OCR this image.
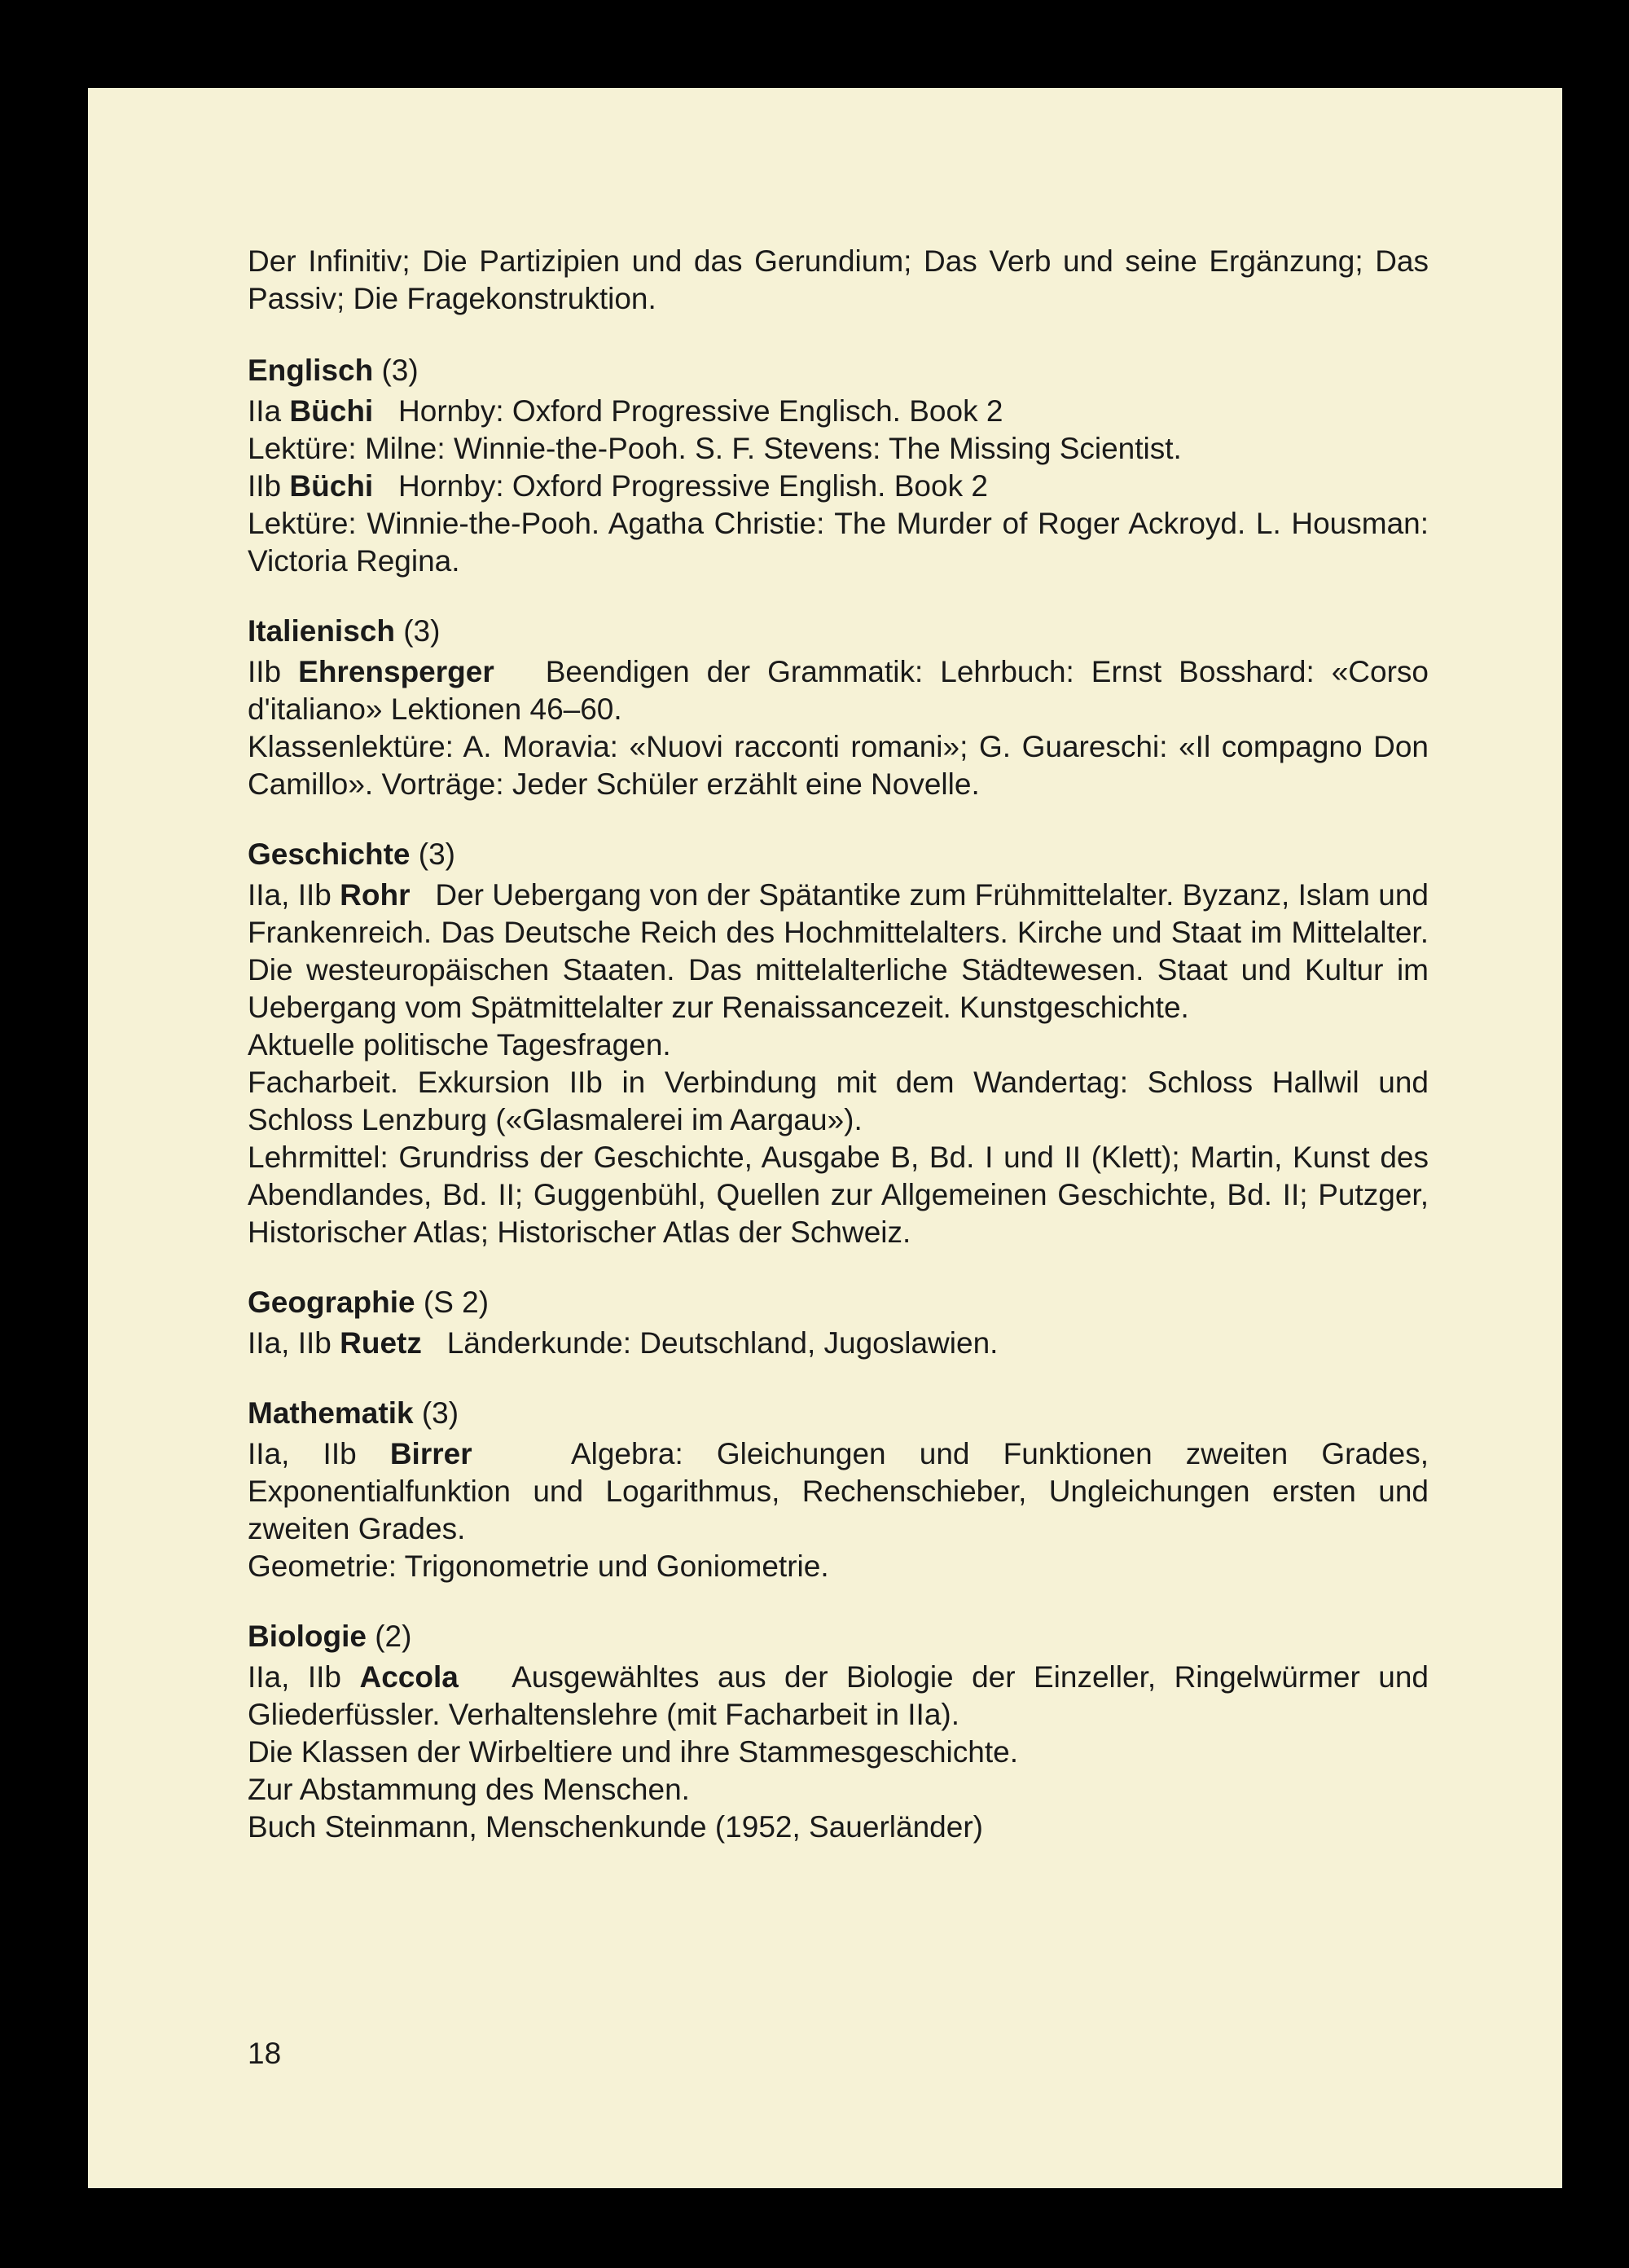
Der Infinitiv; Die Partizipien und das Gerundium; Das Verb und seine Ergänzung; Das Passiv; Die Fragekonstruktion.

Englisch (3)

IIa Büchi Hornby: Oxford Progressive Englisch. Book 2

Lektüre: Milne: Winnie-the-Pooh. S. F. Stevens: The Missing Scientist.

IIb Büchi Hornby: Oxford Progressive English. Book 2

Lektüre: Winnie-the-Pooh. Agatha Christie: The Murder of Roger Ackroyd. L. Housman: Victoria Regina.

Italienisch (3)

IIb Ehrensperger Beendigen der Grammatik: Lehrbuch: Ernst Bosshard: «Corso d'italiano» Lektionen 46–60.

Klassenlektüre: A. Moravia: «Nuovi racconti romani»; G. Guareschi: «Il compagno Don Camillo». Vorträge: Jeder Schüler erzählt eine Novelle.

Geschichte (3)

IIa, IIb Rohr Der Uebergang von der Spätantike zum Frühmittelalter. Byzanz, Islam und Frankenreich. Das Deutsche Reich des Hochmittelalters. Kirche und Staat im Mittelalter. Die westeuropäischen Staaten. Das mittelalterliche Städtewesen. Staat und Kultur im Uebergang vom Spätmittelalter zur Renaissancezeit. Kunstgeschichte.

Aktuelle politische Tagesfragen.

Facharbeit. Exkursion IIb in Verbindung mit dem Wandertag: Schloss Hallwil und Schloss Lenzburg («Glasmalerei im Aargau»).

Lehrmittel: Grundriss der Geschichte, Ausgabe B, Bd. I und II (Klett); Martin, Kunst des Abendlandes, Bd. II; Guggenbühl, Quellen zur Allgemeinen Geschichte, Bd. II; Putzger, Historischer Atlas; Historischer Atlas der Schweiz.

Geographie (S 2)

IIa, IIb Ruetz Länderkunde: Deutschland, Jugoslawien.

Mathematik (3)

IIa, IIb Birrer	Algebra: Gleichungen und Funktionen zweiten Grades, Exponentialfunktion und Logarithmus, Rechenschieber, Ungleichungen ersten und zweiten Grades.

Geometrie: Trigonometrie und Goniometrie.

Biologie (2)

IIa, IIb Accola Ausgewähltes aus der Biologie der Einzeller, Ringelwürmer und Gliederfüssler. Verhaltenslehre (mit Facharbeit in IIa).

Die Klassen der Wirbeltiere und ihre Stammesgeschichte.

Zur Abstammung des Menschen.

Buch Steinmann, Menschenkunde (1952, Sauerländer)

18
